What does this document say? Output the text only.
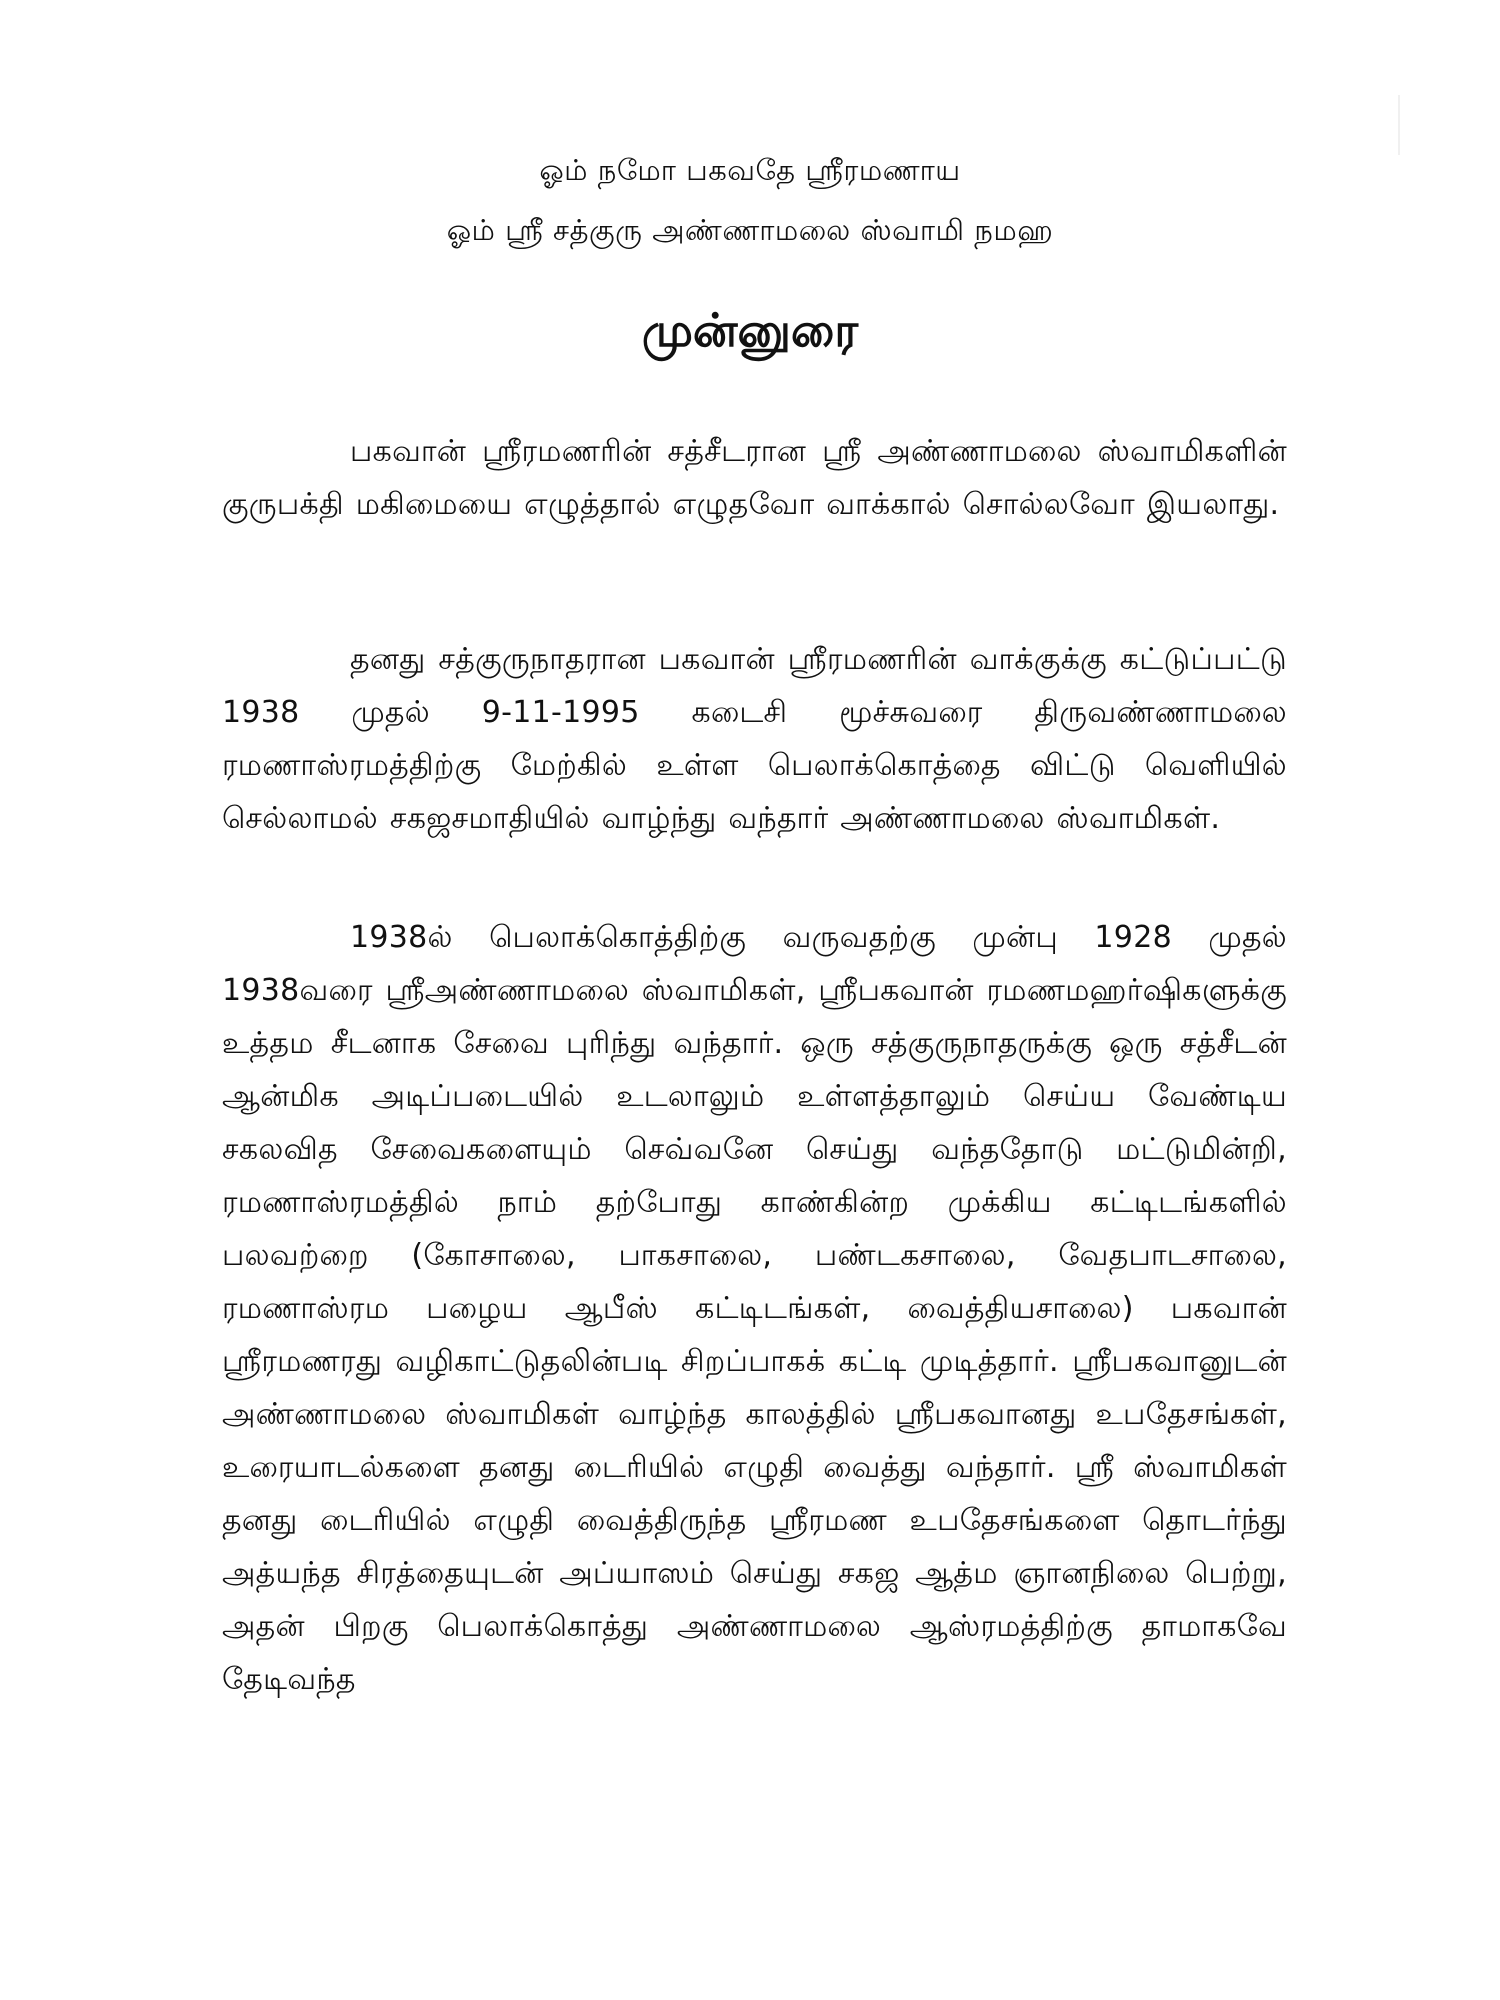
ஓம் நமோ பகவதே ஸ்ரீரமணாய
ஓம் ஸ்ரீ சத்குரு அண்ணாமலை ஸ்வாமி நமஹ
முன்னுரை

பகவான் ஸ்ரீரமணரின் சத்சீடரான ஸ்ரீ அண்ணாமலை ஸ்வாமிகளின் குருபக்தி மகிமையை எழுத்தால் எழுதவோ வாக்கால் சொல்லவோ இயலாது.

தனது சத்குருநாதரான பகவான் ஸ்ரீரமணரின் வாக்குக்கு கட்டுப்பட்டு 1938 முதல் 9-11-1995 கடைசி மூச்சுவரை திருவண்ணாமலை ரமணாஸ்ரமத்திற்கு மேற்கில் உள்ள பெலாக்கொத்தை விட்டு வெளியில் செல்லாமல் சகஜசமாதியில் வாழ்ந்து வந்தார் அண்ணாமலை ஸ்வாமிகள்.

1938ல் பெலாக்கொத்திற்கு வருவதற்கு முன்பு 1928 முதல் 1938வரை ஸ்ரீஅண்ணாமலை ஸ்வாமிகள், ஸ்ரீபகவான் ரமணமஹர்ஷிகளுக்கு உத்தம சீடனாக சேவை புரிந்து வந்தார். ஒரு சத்குருநாதருக்கு ஒரு சத்சீடன் ஆன்மிக அடிப்படையில் உடலாலும் உள்ளத்தாலும் செய்ய வேண்டிய சகலவித சேவைகளையும் செவ்வனே செய்து வந்ததோடு மட்டுமின்றி, ரமணாஸ்ரமத்தில் நாம் தற்போது காண்கின்ற முக்கிய கட்டிடங்களில் பலவற்றை (கோசாலை, பாகசாலை, பண்டகசாலை, வேதபாடசாலை, ரமணாஸ்ரம பழைய ஆபீஸ் கட்டிடங்கள், வைத்தியசாலை) பகவான் ஸ்ரீரமணரது வழிகாட்டுதலின்படி சிறப்பாகக் கட்டி முடித்தார். ஸ்ரீபகவானுடன் அண்ணாமலை ஸ்வாமிகள் வாழ்ந்த காலத்தில் ஸ்ரீபகவானது உபதேசங்கள், உரையாடல்களை தனது டைரியில் எழுதி வைத்து வந்தார். ஸ்ரீ ஸ்வாமிகள் தனது டைரியில் எழுதி வைத்திருந்த ஸ்ரீரமண உபதேசங்களை தொடர்ந்து அத்யந்த சிரத்தையுடன் அப்யாஸம் செய்து சகஜ ஆத்ம ஞானநிலை பெற்று, அதன் பிறகு பெலாக்கொத்து அண்ணாமலை ஆஸ்ரமத்திற்கு தாமாகவே தேடிவந்த
